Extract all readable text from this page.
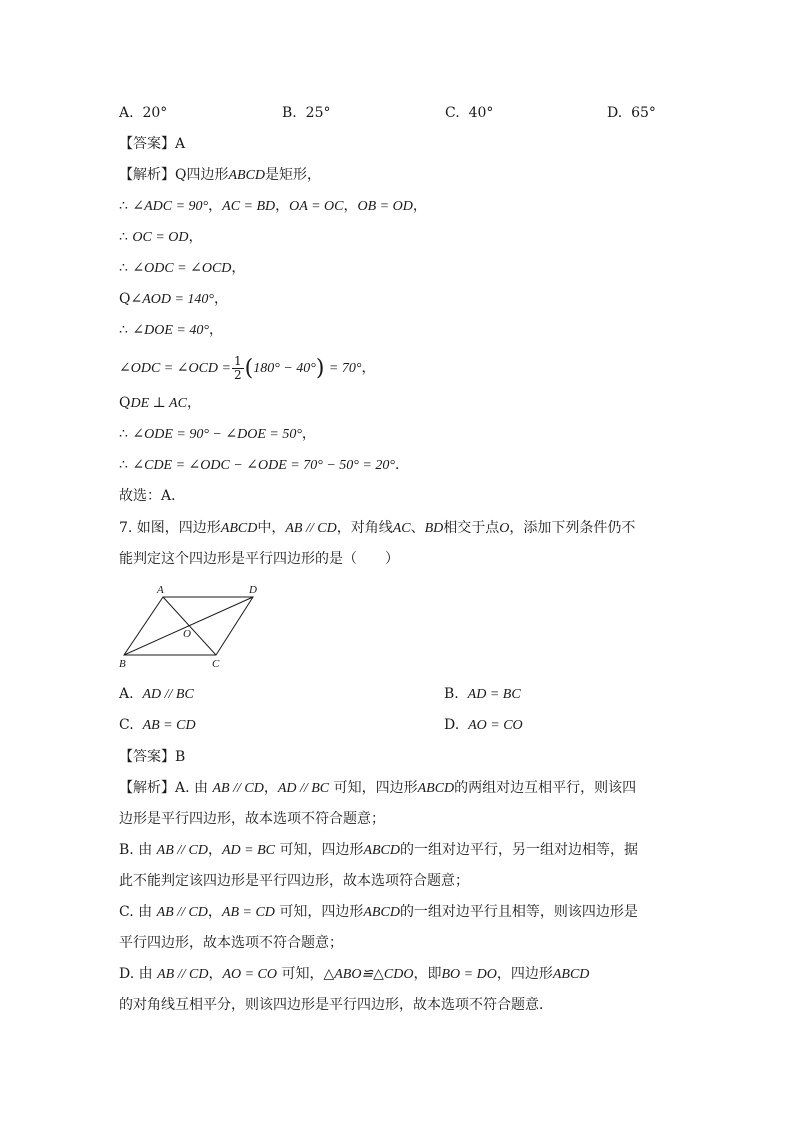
A. 20°	B. 25°	C. 40°	D. 65°
【答案】A
【解析】Q四边形ABCD是矩形，
∴ ∠ADC = 90°，AC = BD，OA = OC，OB = OD，
∴ OC = OD，
∴ ∠ODC = ∠OCD，
Q∠AOD = 140°，
∴ ∠DOE = 40°，
∠ODC = ∠OCD = $\frac{1}{2} (180^\circ - 40^\circ) = 70^\circ$，
QDE ⊥ AC，
∴ ∠ODE = 90° − ∠DOE = 50°，
∴ ∠CDE = ∠ODC − ∠ODE = 70° − 50° = 20°．
故选：A．
7. 如图，四边形ABCD中，AB // CD，对角线AC、BD相交于点O，添加下列条件仍不
能判定这个四边形是平行四边形的是（　　）
A	D
O
B	C
A. AD // BC	B. AD = BC
C. AB = CD	D. AO = CO
【答案】B
【解析】A. 由 AB // CD，AD // BC 可知，四边形ABCD的两组对边互相平行，则该四
边形是平行四边形，故本选项不符合题意；
B. 由 AB // CD，AD = BC 可知，四边形ABCD的一组对边平行，另一组对边相等，据
此不能判定该四边形是平行四边形，故本选项符合题意；
C. 由 AB // CD，AB = CD 可知，四边形ABCD的一组对边平行且相等，则该四边形是
平行四边形，故本选项不符合题意；
D. 由 AB // CD，AO = CO 可知，△ABO≌△CDO，即BO = DO，四边形ABCD
的对角线互相平分，则该四边形是平行四边形，故本选项不符合题意．
